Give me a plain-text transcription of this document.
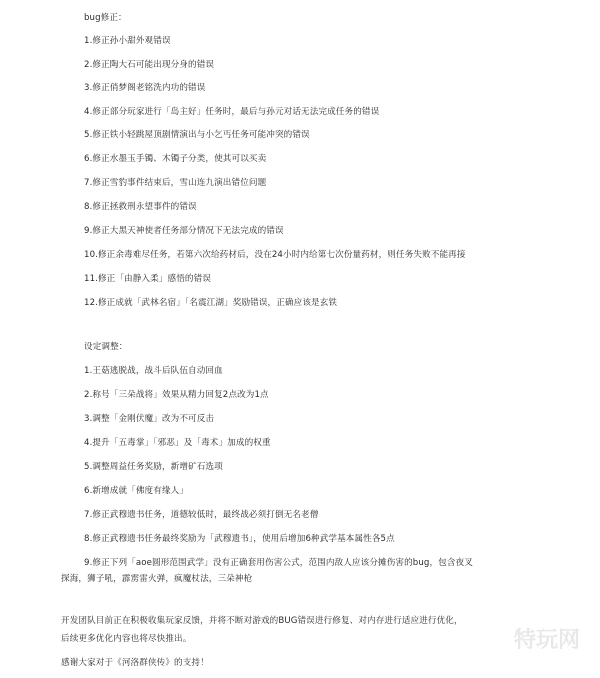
bug修正：
1.修正孙小甜外观错误
2.修正陶大石可能出现分身的错误
3.修正俏梦阁老铭洗内功的错误
4.修正部分玩家进行「岛主好」任务时，最后与孙元对话无法完成任务的错误
5.修正铁小轻跳屋顶剧情演出与小乞丐任务可能冲突的错误
6.修正水墨玉手镯、木镯子分类，使其可以买卖
7.修正雪豹事件结束后，雪山连九演出错位问题
8.修正拯救刑永望事件的错误
9.修正大黑天神使者任务部分情况下无法完成的错误
10.修正余毒难尽任务，若第六次给药材后，没在24小时内给第七次份量药材，则任务失败不能再接
11.修正「由静入柔」感悟的错误
12.修正成就「武林名宿」「名震江湖」奖励错误，正确应该是玄铁
设定调整：
1.王菇逃脱战，战斗后队伍自动回血
2.称号「三朵战将」效果从精力回复2点改为1点
3.调整「金刚伏魔」改为不可反击
4.提升「五毒掌」「邪恶」及「毒术」加成的权重
5.调整周益任务奖励，新增矿石选项
6.新增成就「佛度有缘人」
7.修正武穆遗书任务，道德较低时，最终战必须打倒无名老僧
8.修正武穆遗书任务最终奖励为「武穆遗书」，使用后增加6种武学基本属性各5点
9.修正下列「aoe圆形范围武学」没有正确套用伤害公式，范围内敌人应该分摊伤害的bug，包含夜叉
探海，狮子吼，霹雳雷火弹，疯魔杖法，三朵神枪
开发团队目前正在积极收集玩家反馈，并将不断对游戏的BUG错误进行修复、对内存进行适应进行优化，
后续更多优化内容也将尽快推出。
感谢大家对于《河洛群侠传》的支持！
特玩网
